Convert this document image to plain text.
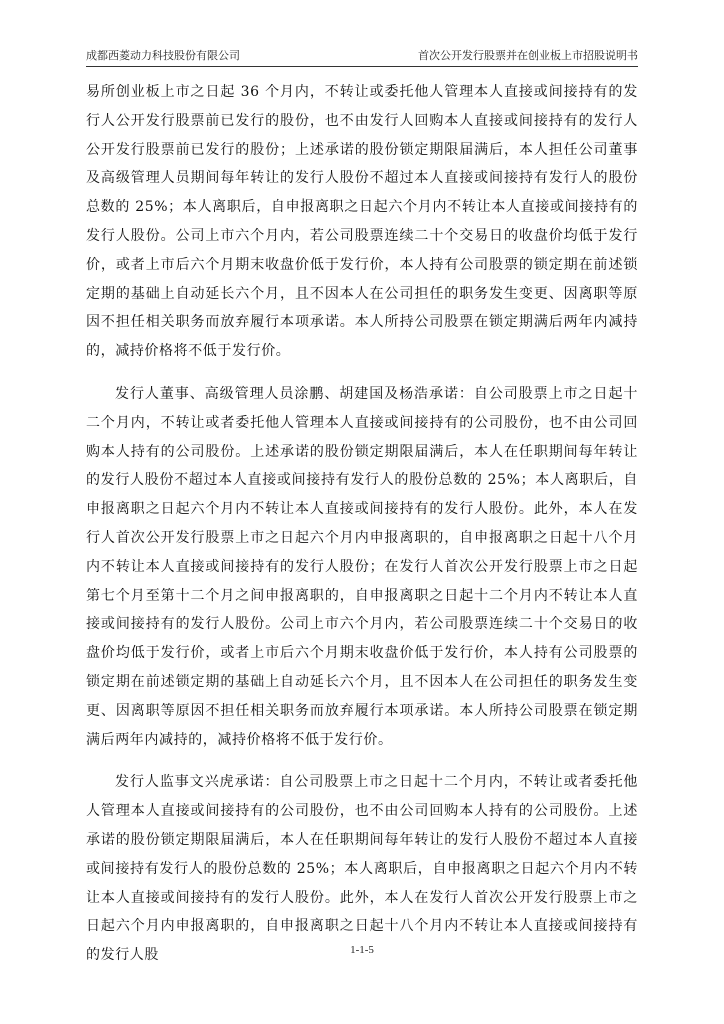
成都西菱动力科技股份有限公司	首次公开发行股票并在创业板上市招股说明书

易所创业板上市之日起 36 个月内，不转让或委托他人管理本人直接或间接持有的发行人公开发行股票前已发行的股份，也不由发行人回购本人直接或间接持有的发行人公开发行股票前已发行的股份；上述承诺的股份锁定期限届满后，本人担任公司董事及高级管理人员期间每年转让的发行人股份不超过本人直接或间接持有发行人的股份总数的 25%；本人离职后，自申报离职之日起六个月内不转让本人直接或间接持有的发行人股份。公司上市六个月内，若公司股票连续二十个交易日的收盘价均低于发行价，或者上市后六个月期末收盘价低于发行价，本人持有公司股票的锁定期在前述锁定期的基础上自动延长六个月，且不因本人在公司担任的职务发生变更、因离职等原因不担任相关职务而放弃履行本项承诺。本人所持公司股票在锁定期满后两年内减持的，减持价格将不低于发行价。

发行人董事、高级管理人员涂鹏、胡建国及杨浩承诺：自公司股票上市之日起十二个月内，不转让或者委托他人管理本人直接或间接持有的公司股份，也不由公司回购本人持有的公司股份。上述承诺的股份锁定期限届满后，本人在任职期间每年转让的发行人股份不超过本人直接或间接持有发行人的股份总数的 25%；本人离职后，自申报离职之日起六个月内不转让本人直接或间接持有的发行人股份。此外，本人在发行人首次公开发行股票上市之日起六个月内申报离职的，自申报离职之日起十八个月内不转让本人直接或间接持有的发行人股份；在发行人首次公开发行股票上市之日起第七个月至第十二个月之间申报离职的，自申报离职之日起十二个月内不转让本人直接或间接持有的发行人股份。公司上市六个月内，若公司股票连续二十个交易日的收盘价均低于发行价，或者上市后六个月期末收盘价低于发行价，本人持有公司股票的锁定期在前述锁定期的基础上自动延长六个月，且不因本人在公司担任的职务发生变更、因离职等原因不担任相关职务而放弃履行本项承诺。本人所持公司股票在锁定期满后两年内减持的，减持价格将不低于发行价。

发行人监事文兴虎承诺：自公司股票上市之日起十二个月内，不转让或者委托他人管理本人直接或间接持有的公司股份，也不由公司回购本人持有的公司股份。上述承诺的股份锁定期限届满后，本人在任职期间每年转让的发行人股份不超过本人直接或间接持有发行人的股份总数的 25%；本人离职后，自申报离职之日起六个月内不转让本人直接或间接持有的发行人股份。此外，本人在发行人首次公开发行股票上市之日起六个月内申报离职的，自申报离职之日起十八个月内不转让本人直接或间接持有的发行人股	1-1-5
